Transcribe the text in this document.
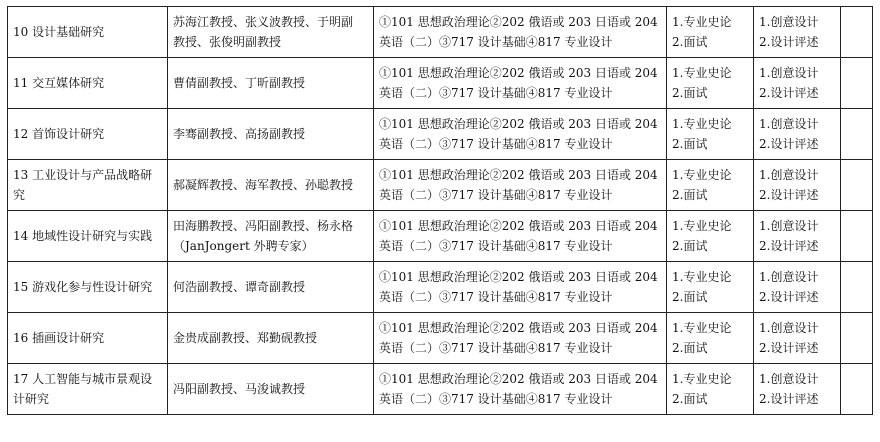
10 设计基础研究	苏海江教授、张义波教授、于明副
教授、张俊明副教授	①101 思想政治理论②202 俄语或 203 日语或 204
英语（二）③717 设计基础④817 专业设计	1.专业史论
2.面试	1.创意设计
2.设计评述	

11 交互媒体研究	曹倩副教授、丁昕副教授	①101 思想政治理论②202 俄语或 203 日语或 204
英语（二）③717 设计基础④817 专业设计	1.专业史论
2.面试	1.创意设计
2.设计评述	

12 首饰设计研究	李骞副教授、高扬副教授	①101 思想政治理论②202 俄语或 203 日语或 204
英语（二）③717 设计基础④817 专业设计	1.专业史论
2.面试	1.创意设计
2.设计评述	

13 工业设计与产品战略研
究	郝凝辉教授、海军教授、孙聪教授	①101 思想政治理论②202 俄语或 203 日语或 204
英语（二）③717 设计基础④817 专业设计	1.专业史论
2.面试	1.创意设计
2.设计评述	

14 地域性设计研究与实践	田海鹏教授、冯阳副教授、杨永格
（JanJongert 外聘专家）	①101 思想政治理论②202 俄语或 203 日语或 204
英语（二）③717 设计基础④817 专业设计	1.专业史论
2.面试	1.创意设计
2.设计评述	

15 游戏化参与性设计研究	何浩副教授、谭奇副教授	①101 思想政治理论②202 俄语或 203 日语或 204
英语（二）③717 设计基础④817 专业设计	1.专业史论
2.面试	1.创意设计
2.设计评述	

16 插画设计研究	金贵成副教授、郑勤砚教授	①101 思想政治理论②202 俄语或 203 日语或 204
英语（二）③717 设计基础④817 专业设计	1.专业史论
2.面试	1.创意设计
2.设计评述	

17 人工智能与城市景观设
计研究	冯阳副教授、马浚诚教授	①101 思想政治理论②202 俄语或 203 日语或 204
英语（二）③717 设计基础④817 专业设计	1.专业史论
2.面试	1.创意设计
2.设计评述	
